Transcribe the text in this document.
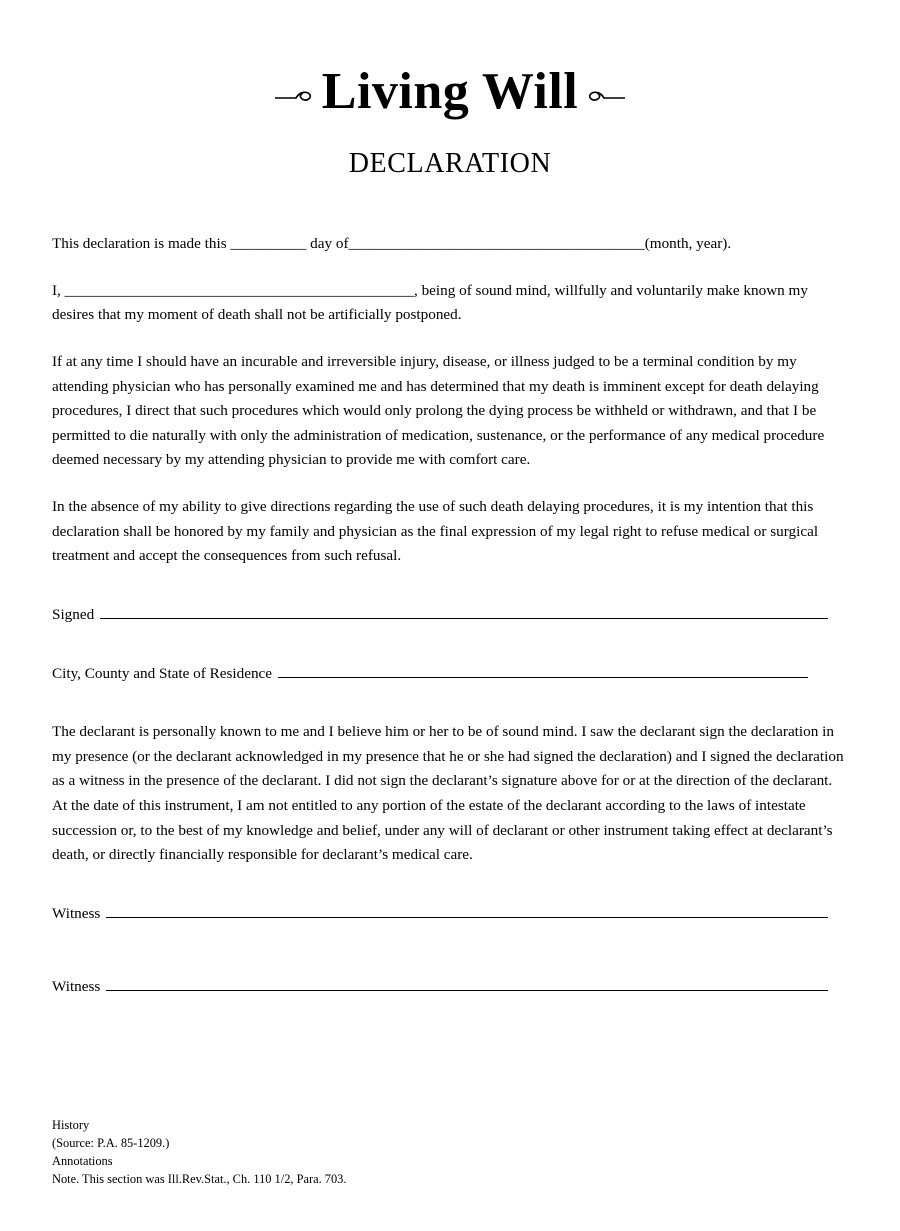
Living Will
DECLARATION

This declaration is made this __________ day of_______________________________________(month, year).

I, ______________________________________________, being of sound mind, willfully and voluntarily make known my desires that my moment of death shall not be artificially postponed.

If at any time I should have an incurable and irreversible injury, disease, or illness judged to be a terminal condition by my attending physician who has personally examined me and has determined that my death is imminent except for death delaying procedures, I direct that such procedures which would only prolong the dying process be withheld or withdrawn, and that I be permitted to die naturally with only the administration of medication, sustenance, or the performance of any medical procedure deemed necessary by my attending physician to provide me with comfort care.

In the absence of my ability to give directions regarding the use of such death delaying procedures, it is my intention that this declaration shall be honored by my family and physician as the final expression of my legal right to refuse medical or surgical treatment and accept the consequences from such refusal.

Signed
City, County and State of Residence

The declarant is personally known to me and I believe him or her to be of sound mind. I saw the declarant sign the declaration in my presence (or the declarant acknowledged in my presence that he or she had signed the declaration) and I signed the declaration as a witness in the presence of the declarant. I did not sign the declarant’s signature above for or at the direction of the declarant. At the date of this instrument, I am not entitled to any portion of the estate of the declarant according to the laws of intestate succession or, to the best of my knowledge and belief, under any will of declarant or other instrument taking effect at declarant’s death, or directly financially responsible for declarant’s medical care.

Witness
Witness
History
(Source: P.A. 85-1209.)
Annotations
Note. This section was Ill.Rev.Stat., Ch. 110 1/2, Para. 703.
